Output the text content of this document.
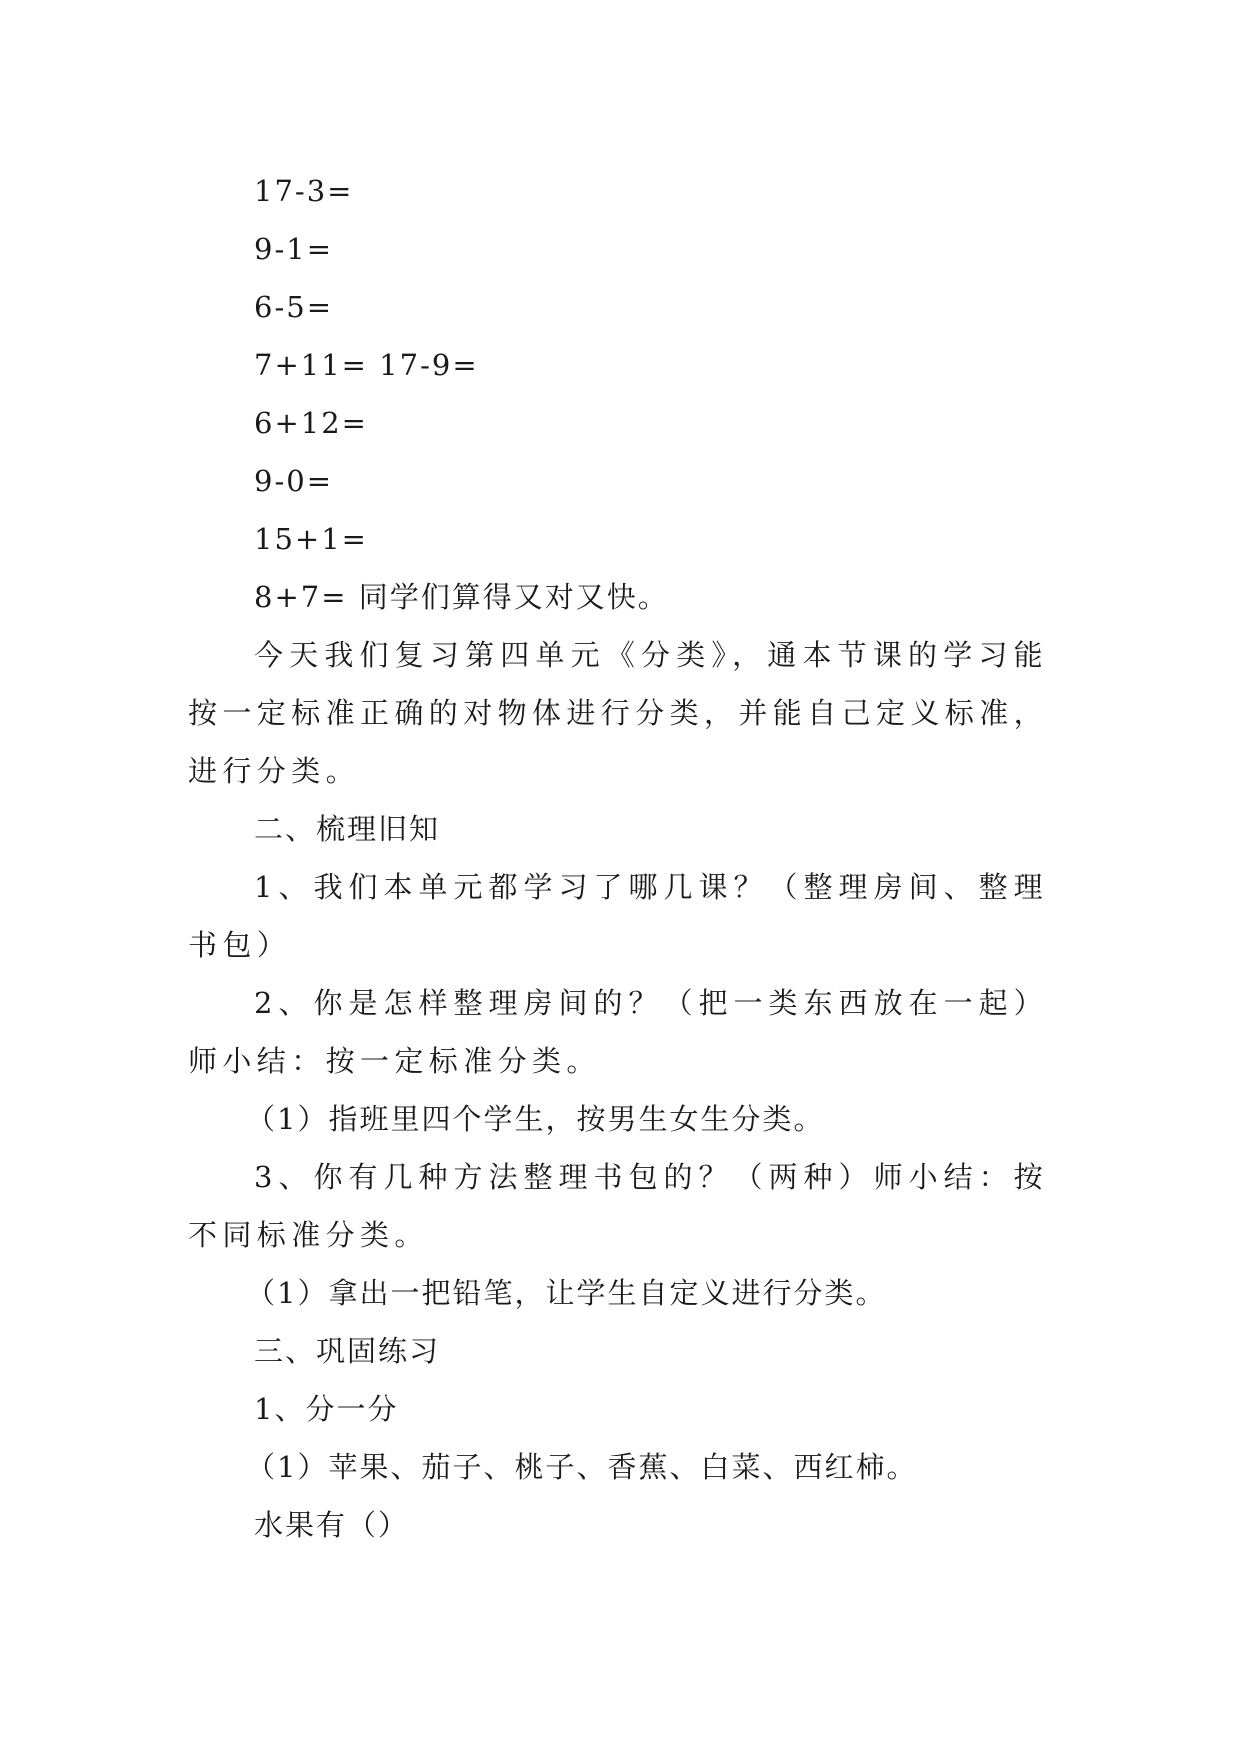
17-3=
9-1=
6-5=
7+11= 17-9=
6+12=
9-0=
15+1=
8+7= 同学们算得又对又快。
今天我们复习第四单元《分类》，通本节课的学习能按一定标准正确的对物体进行分类，并能自己定义标准，进行分类。
二、梳理旧知
1、我们本单元都学习了哪几课？（整理房间、整理书包）
2、你是怎样整理房间的？（把一类东西放在一起）师小结：按一定标准分类。
（1）指班里四个学生，按男生女生分类。
3、你有几种方法整理书包的？（两种）师小结：按不同标准分类。
（1）拿出一把铅笔，让学生自定义进行分类。
三、巩固练习
1、分一分
（1）苹果、茄子、桃子、香蕉、白菜、西红柿。
水果有（）
